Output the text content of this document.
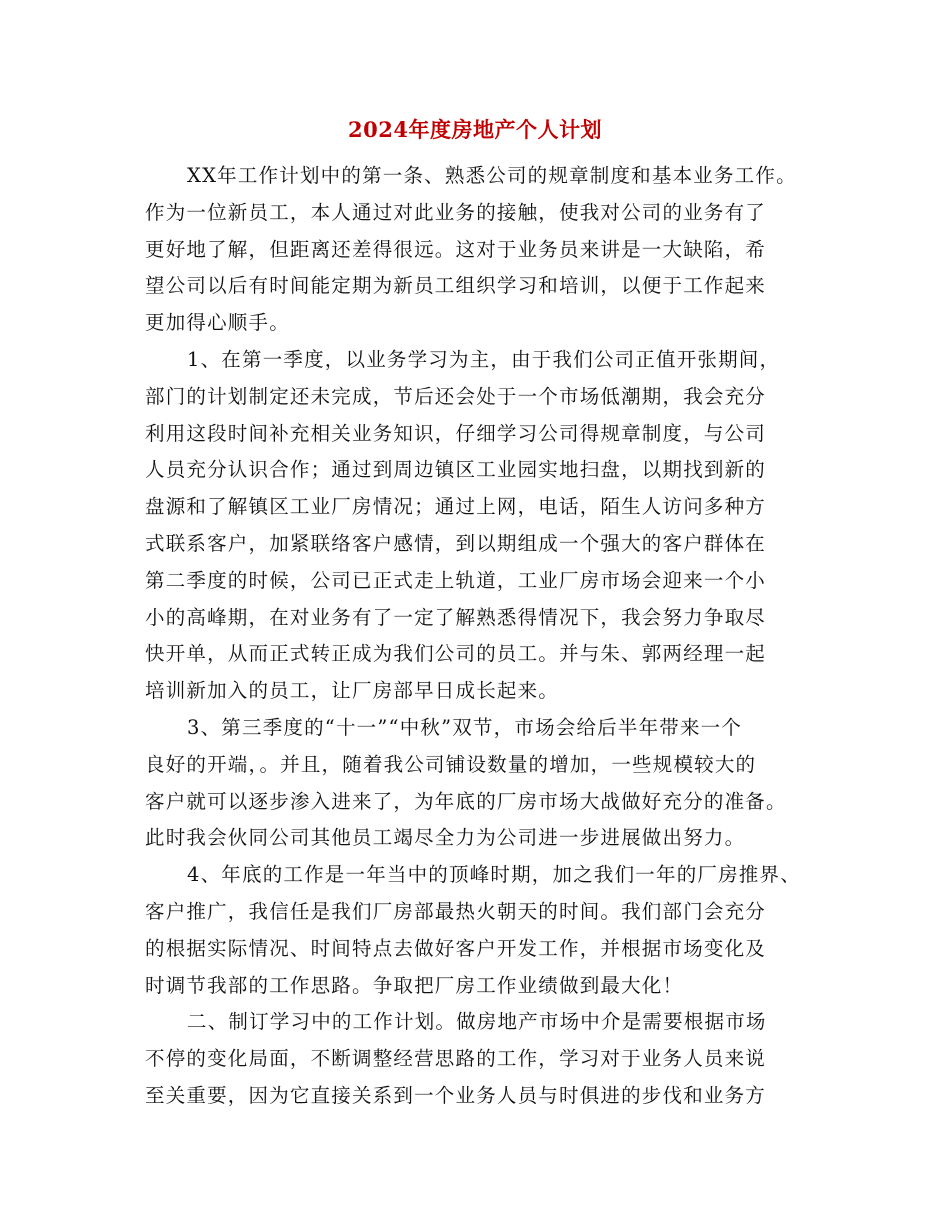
2024年度房地产个人计划
XX年工作计划中的第一条、熟悉公司的规章制度和基本业务工作。
作为一位新员工，本人通过对此业务的接触，使我对公司的业务有了
更好地了解，但距离还差得很远。这对于业务员来讲是一大缺陷，希
望公司以后有时间能定期为新员工组织学习和培训，以便于工作起来
更加得心顺手。
1、在第一季度，以业务学习为主，由于我们公司正值开张期间，
部门的计划制定还未完成，节后还会处于一个市场低潮期，我会充分
利用这段时间补充相关业务知识，仔细学习公司得规章制度，与公司
人员充分认识合作；通过到周边镇区工业园实地扫盘，以期找到新的
盘源和了解镇区工业厂房情况；通过上网，电话，陌生人访问多种方
式联系客户，加紧联络客户感情，到以期组成一个强大的客户群体在
第二季度的时候，公司已正式走上轨道，工业厂房市场会迎来一个小
小的高峰期，在对业务有了一定了解熟悉得情况下，我会努力争取尽
快开单，从而正式转正成为我们公司的员工。并与朱、郭两经理一起
培训新加入的员工，让厂房部早日成长起来。
3、第三季度的“十一”“中秋”双节，市场会给后半年带来一个
良好的开端，。并且，随着我公司铺设数量的增加，一些规模较大的
客户就可以逐步渗入进来了，为年底的厂房市场大战做好充分的准备。
此时我会伙同公司其他员工竭尽全力为公司进一步进展做出努力。
4、年底的工作是一年当中的顶峰时期，加之我们一年的厂房推界、
客户推广，我信任是我们厂房部最热火朝天的时间。我们部门会充分
的根据实际情况、时间特点去做好客户开发工作，并根据市场变化及
时调节我部的工作思路。争取把厂房工作业绩做到最大化！
二、制订学习中的工作计划。做房地产市场中介是需要根据市场
不停的变化局面，不断调整经营思路的工作，学习对于业务人员来说
至关重要，因为它直接关系到一个业务人员与时俱进的步伐和业务方
